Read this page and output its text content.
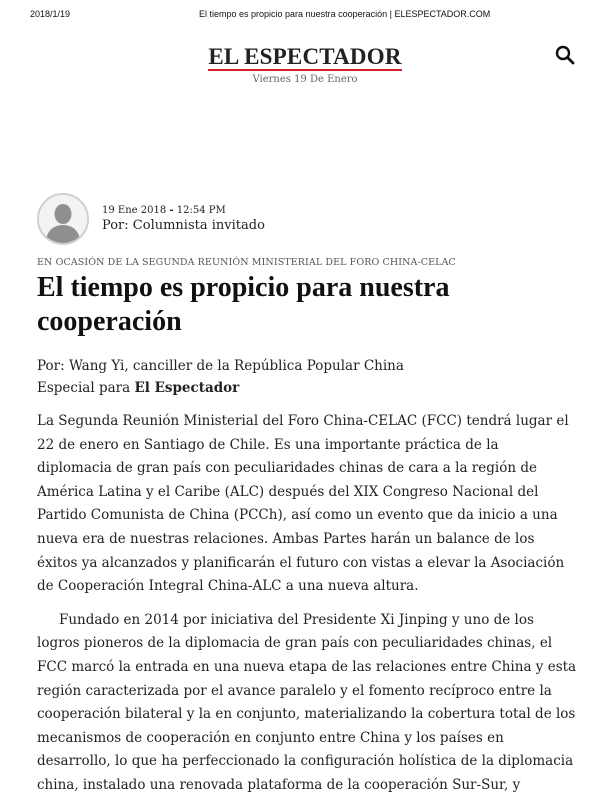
2018/1/19	El tiempo es propicio para nuestra cooperación | ELESPECTADOR.COM
EL ESPECTADOR
Viernes 19 De Enero
19 Ene 2018 - 12:54 PM
Por: Columnista invitado
EN OCASIÓN DE LA SEGUNDA REUNIÓN MINISTERIAL DEL FORO CHINA-CELAC
El tiempo es propicio para nuestra cooperación
Por: Wang Yi, canciller de la República Popular China
Especial para El Espectador

La Segunda Reunión Ministerial del Foro China-CELAC (FCC) tendrá lugar el 22 de enero en Santiago de Chile. Es una importante práctica de la diplomacia de gran país con peculiaridades chinas de cara a la región de América Latina y el Caribe (ALC) después del XIX Congreso Nacional del Partido Comunista de China (PCCh), así como un evento que da inicio a una nueva era de nuestras relaciones. Ambas Partes harán un balance de los éxitos ya alcanzados y planificarán el futuro con vistas a elevar la Asociación de Cooperación Integral China-ALC a una nueva altura.

Fundado en 2014 por iniciativa del Presidente Xi Jinping y uno de los logros pioneros de la diplomacia de gran país con peculiaridades chinas, el FCC marcó la entrada en una nueva etapa de las relaciones entre China y esta región caracterizada por el avance paralelo y el fomento recíproco entre la cooperación bilateral y la en conjunto, materializando la cobertura total de los mecanismos de cooperación en conjunto entre China y los países en desarrollo, lo que ha perfeccionado la configuración holística de la diplomacia china, instalado una renovada plataforma de la cooperación Sur-Sur, y
